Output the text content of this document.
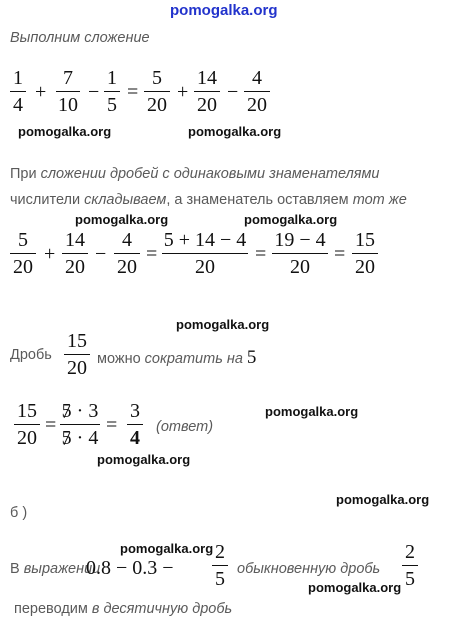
pomogalka.org
pomogalka.org	pomogalka.org
pomogalka.org	pomogalka.org
pomogalka.org
pomogalka.org
pomogalka.org
pomogalka.org
pomogalka.org
pomogalka.org
Выполним сложение
1
4
+
7
10
−
1
5
=
5
20
+
14
20
−
4
20
При сложении дробей с одинаковыми знаменателями
числители складываем, а знаменатель оставляем тот же
5
20
+
14
20
−
4
20
=
5 + 14 − 4
20
=
19 − 4
20
=
15
20
Дробь
15
20 можно сократить на 5
15
20
=
5 · 3
5 · 4
=
3
4 (ответ)
б )
В выражении
0.8 − 0.3 −
2
5 обыкновенную дробь
2
5
переводим в десятичную дробь
